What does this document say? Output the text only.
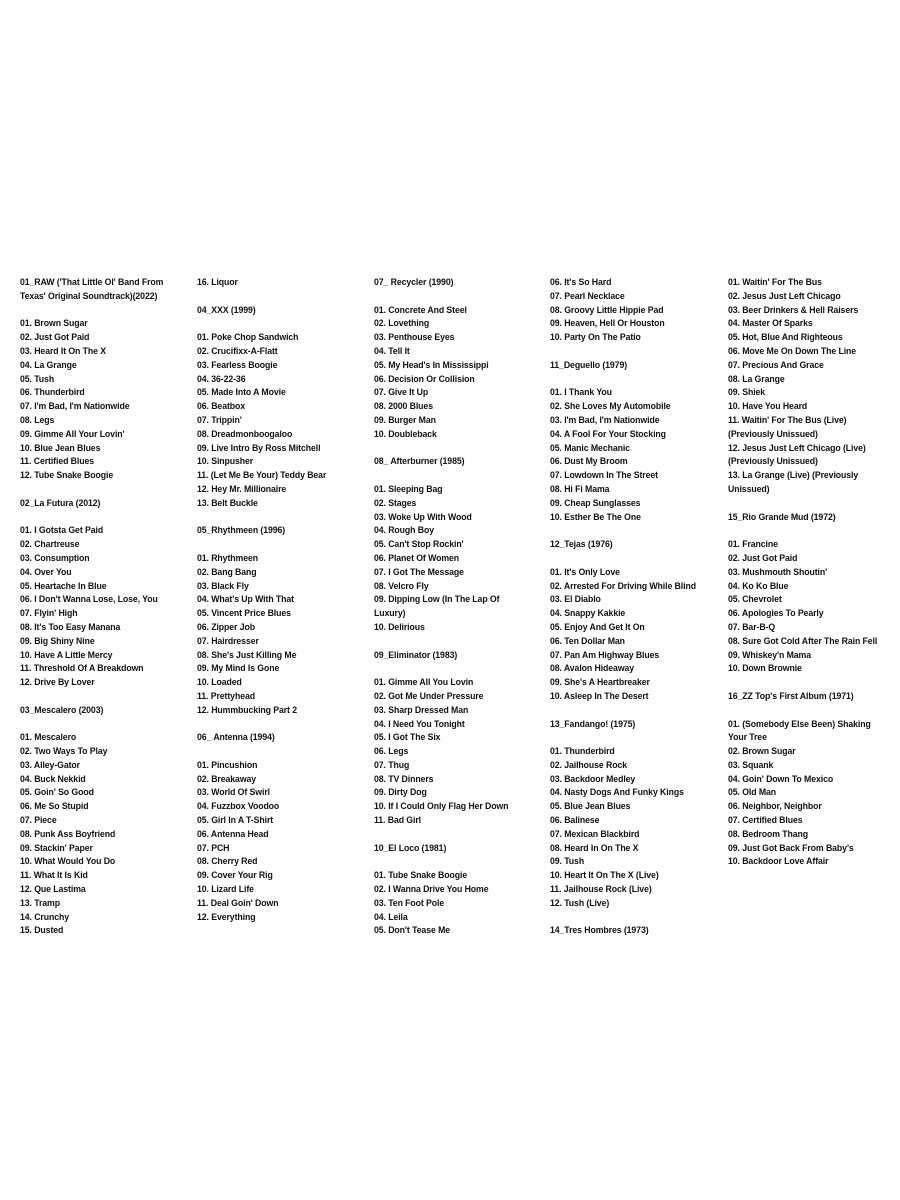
01_RAW ('That Little Ol' Band From
Texas' Original Soundtrack)(2022)
01. Brown Sugar
02. Just Got Paid
03. Heard It On The X
04. La Grange
05. Tush
06. Thunderbird
07. I'm Bad, I'm Nationwide
08. Legs
09. Gimme All Your Lovin'
10. Blue Jean Blues
11. Certified Blues
12. Tube Snake Boogie
02_La Futura (2012)
01. I Gotsta Get Paid
02. Chartreuse
03. Consumption
04. Over You
05. Heartache In Blue
06. I Don't Wanna Lose, Lose, You
07. Flyin' High
08. It's Too Easy Manana
09. Big Shiny Nine
10. Have A Little Mercy
11. Threshold Of A Breakdown
12. Drive By Lover
03_Mescalero (2003)
01. Mescalero
02. Two Ways To Play
03. Alley-Gator
04. Buck Nekkid
05. Goin' So Good
06. Me So Stupid
07. Piece
08. Punk Ass Boyfriend
09. Stackin' Paper
10. What Would You Do
11. What It Is Kid
12. Que Lastima
13. Tramp
14. Crunchy
15. Dusted
16. Liquor
04_XXX (1999)
01. Poke Chop Sandwich
02. Crucifixx-A-Flatt
03. Fearless Boogie
04. 36-22-36
05. Made Into A Movie
06. Beatbox
07. Trippin'
08. Dreadmonboogaloo
09. Live Intro By Ross Mitchell
10. Sinpusher
11. (Let Me Be Your) Teddy Bear
12. Hey Mr. Millionaire
13. Belt Buckle
05_Rhythmeen (1996)
01. Rhythmeen
02. Bang Bang
03. Black Fly
04. What's Up With That
05. Vincent Price Blues
06. Zipper Job
07. Hairdresser
08. She's Just Killing Me
09. My Mind Is Gone
10. Loaded
11. Prettyhead
12. Hummbucking Part 2
06_ Antenna (1994)
01. Pincushion
02. Breakaway
03. World Of Swirl
04. Fuzzbox Voodoo
05. Girl In A T-Shirt
06. Antenna Head
07. PCH
08. Cherry Red
09. Cover Your Rig
10. Lizard Life
11. Deal Goin' Down
12. Everything
07_ Recycler (1990)
01. Concrete And Steel
02. Lovething
03. Penthouse Eyes
04. Tell It
05. My Head's In Mississippi
06. Decision Or Collision
07. Give It Up
08. 2000 Blues
09. Burger Man
10. Doubleback
08_ Afterburner (1985)
01. Sleeping Bag
02. Stages
03. Woke Up With Wood
04. Rough Boy
05. Can't Stop Rockin'
06. Planet Of Women
07. I Got The Message
08. Velcro Fly
09. Dipping Low (In The Lap Of
Luxury)
10. Delirious
09_Eliminator (1983)
01. Gimme All You Lovin
02. Got Me Under Pressure
03. Sharp Dressed Man
04. I Need You Tonight
05. I Got The Six
06. Legs
07. Thug
08. TV Dinners
09. Dirty Dog
10. If I Could Only Flag Her Down
11. Bad Girl
10_El Loco (1981)
01. Tube Snake Boogie
02. I Wanna Drive You Home
03. Ten Foot Pole
04. Leila
05. Don't Tease Me
06. It's So Hard
07. Pearl Necklace
08. Groovy Little Hippie Pad
09. Heaven, Hell Or Houston
10. Party On The Patio
11_Deguello (1979)
01. I Thank You
02. She Loves My Automobile
03. I'm Bad, I'm Nationwide
04. A Fool For Your Stocking
05. Manic Mechanic
06. Dust My Broom
07. Lowdown In The Street
08. Hi Fi Mama
09. Cheap Sunglasses
10. Esther Be The One
12_Tejas (1976)
01. It's Only Love
02. Arrested For Driving While Blind
03. El Diablo
04. Snappy Kakkie
05. Enjoy And Get It On
06. Ten Dollar Man
07. Pan Am Highway Blues
08. Avalon Hideaway
09. She's A Heartbreaker
10. Asleep In The Desert
13_Fandango! (1975)
01. Thunderbird
02. Jailhouse Rock
03. Backdoor Medley
04. Nasty Dogs And Funky Kings
05. Blue Jean Blues
06. Balinese
07. Mexican Blackbird
08. Heard In On The X
09. Tush
10. Heart It On The X (Live)
11. Jailhouse Rock (Live)
12. Tush (Live)
14_Tres Hombres (1973)
01. Waitin' For The Bus
02. Jesus Just Left Chicago
03. Beer Drinkers & Hell Raisers
04. Master Of Sparks
05. Hot, Blue And Righteous
06. Move Me On Down The Line
07. Precious And Grace
08. La Grange
09. Shiek
10. Have You Heard
11. Waitin' For The Bus (Live)
(Previously Unissued)
12. Jesus Just Left Chicago (Live)
(Previously Unissued)
13. La Grange (Live) (Previously
Unissued)
15_Rio Grande Mud (1972)
01. Francine
02. Just Got Paid
03. Mushmouth Shoutin'
04. Ko Ko Blue
05. Chevrolet
06. Apologies To Pearly
07. Bar-B-Q
08. Sure Got Cold After The Rain Fell
09. Whiskey'n Mama
10. Down Brownie
16_ZZ Top's First Album (1971)
01. (Somebody Else Been) Shaking
Your Tree
02. Brown Sugar
03. Squank
04. Goin' Down To Mexico
05. Old Man
06. Neighbor, Neighbor
07. Certified Blues
08. Bedroom Thang
09. Just Got Back From Baby's
10. Backdoor Love Affair
